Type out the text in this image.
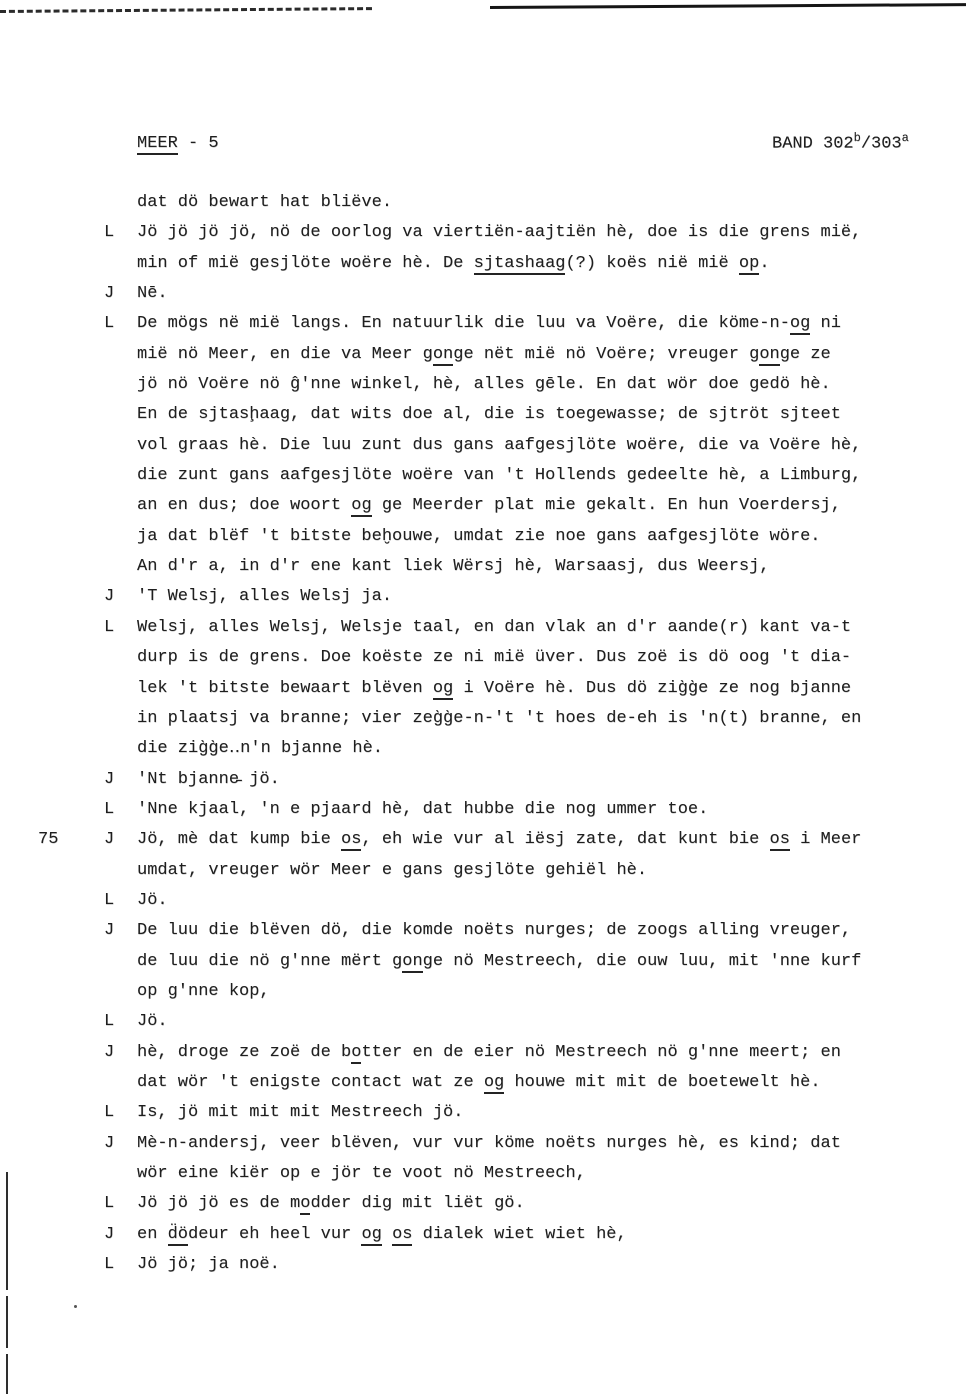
MEER - 5	BAND 302$^b$/303$^a$
dat dö bewart hat bliëve.
L Jö jö jö jö, nö de oorlog va viertiën-aajtiën hè, doe is die grens mië,
min of mië gesjlöte woëre hè. De sjtashaag(?) koës nië mië op.
J Nē.
L De mögs në mië langs. En natuurlik die luu va Voëre, die köme-n-og ni
mië nö Meer, en die va Meer gonge nët mië nö Voëre; vreuger gonge ze
jö nö Voëre nö ĝ'nne winkel, hè, alles gēle. En dat wör doe gedö hè.
En de sjtasḩaag, dat wits doe al, die is toegewasse; de sjtröt sjteet
vol graas hè. Die luu zunt dus gans aafgesjlöte woëre, die va Voëre hè,
die zunt gans aafgesjlöte woëre van 't Hollends gedeelte hè, a Limburg,
an en dus; doe woort og ge Meerder plat mie gekalt. En hun Voerdersj,
ja dat blëf 't bitste beḫouwe, umdat zie noe gans aafgesjlöte wöre.
An d'r a, in d'r ene kant liek Wërsj hè, Warsaasj, dus Weersj,
J 'T Welsj, alles Welsj ja.
L Welsj, alles Welsj, Welsje taal, en dan vlak an d'r aande(r) kant va-t
durp is de grens. Doe koëste ze ni mië üver. Dus zoë is dö oog 't dia-
lek 't bitste bewaart blëven og i Voëre hè. Dus dö zig̀g̀e ze nog bjanne
in plaatsj va branne; vier zeg̀g̀e-n-'t 't hoes de-eh is 'n(t) branne, en
die zig̀g̀e‥n'n bjanne hè.
J 'Nt bjanne̵ jö.
L 'Nne kjaal, 'n e pjaard hè, dat hubbe die nog ummer toe.
75	J Jö, mè dat kump bie os, eh wie vur al iësj zate, dat kunt bie os i Meer
umdat, vreuger wör Meer e gans gesjlöte gehiël hè.
L Jö.
J De luu die blëven dö, die komde noëts nurges; de zoogs alling vreuger,
de luu die nö g'nne mërt gonge nö Mestreech, die ouw luu, mit 'nne kurf
op g'nne kop,
L Jö.
J hè, droge ze zoë de botter en de eier nö Mestreech nö g'nne meert; en
dat wör 't enigste contact wat ze og houwe mit mit de boetewelt hè.
L Is, jö mit mit mit Mestreech jö.
J Mè-n-andersj, veer blëven, vur vur köme noëts nurges hè, es kind; dat
wör eine kiër op e jör te voot nö Mestreech,
L Jö jö jö es de modder dig mit liët gö.
J en d̈ödeur eh heel vur og os dialek wiet wiet hè,
L Jö jö; ja noë.
